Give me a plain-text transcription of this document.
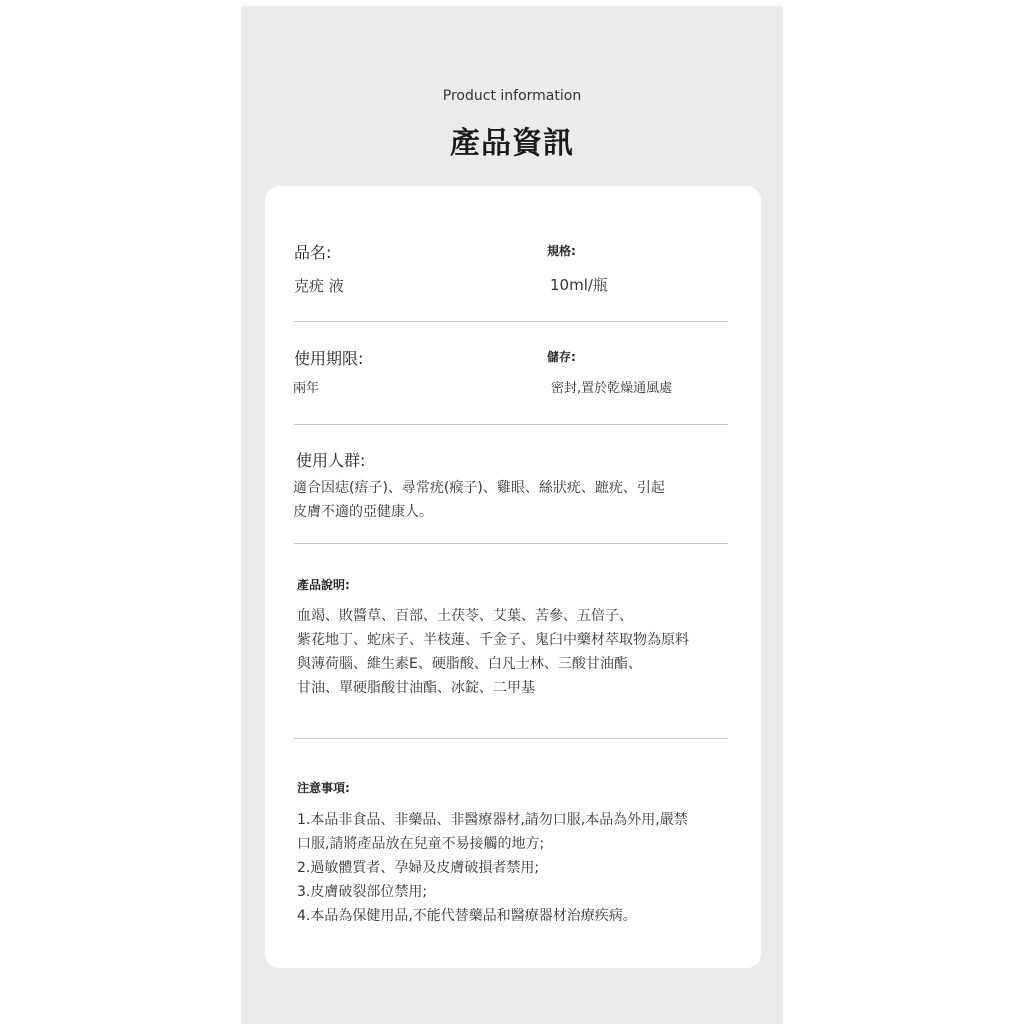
Product information
產品資訊
品名:	規格:
克疣 液	10ml/瓶
使用期限:	儲存:
兩年	密封,置於乾燥通風處
使用人群:
適合因痣(痦子)、尋常疣(瘊子)、雞眼、絲狀疣、蹠疣、引起
皮膚不適的亞健康人。
產品說明:
血竭、敗醬草、百部、土茯苓、艾葉、苦參、五倍子、
紫花地丁、蛇床子、半枝蓮、千金子、鬼臼中藥材萃取物為原料
與薄荷腦、維生素E、硬脂酸、白凡士林、三酸甘油酯、
甘油、單硬脂酸甘油酯、冰錠、二甲基
注意事項:
1.本品非食品、非藥品、非醫療器材,請勿口服,本品為外用,嚴禁
口服,請將產品放在兒童不易接觸的地方;
2.過敏體質者、孕婦及皮膚破損者禁用;
3.皮膚破裂部位禁用;
4.本品為保健用品,不能代替藥品和醫療器材治療疾病。
